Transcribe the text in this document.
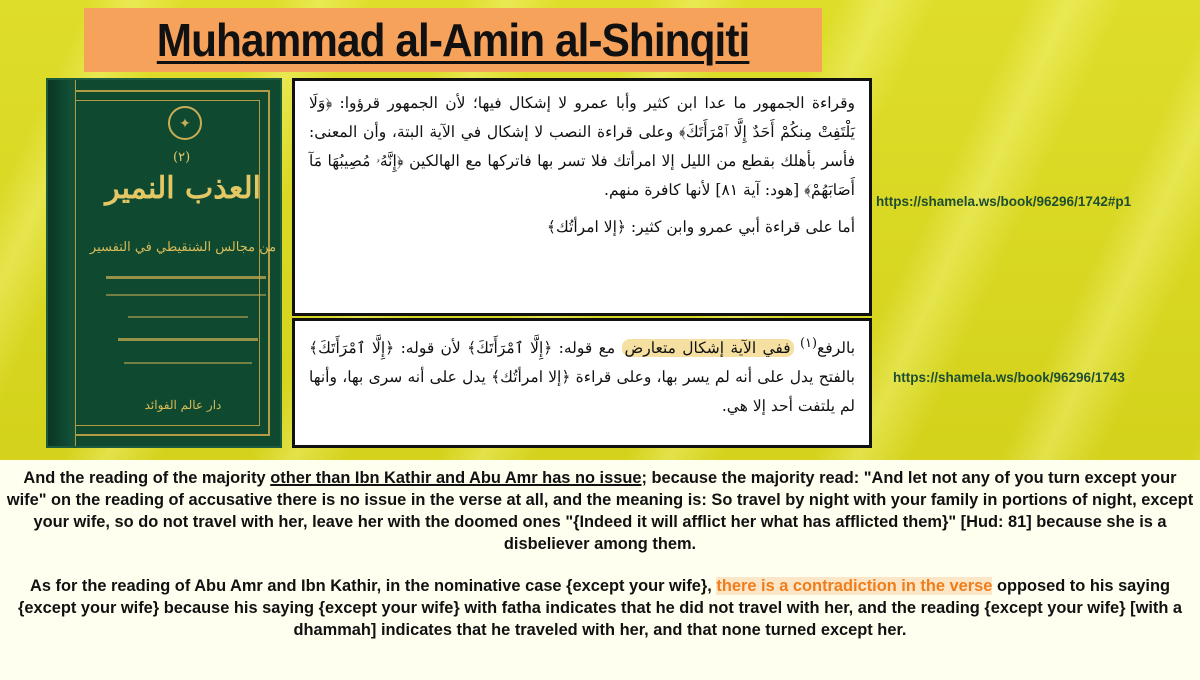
Muhammad al-Amin al-Shinqiti
✦
(٢)
العذب النمير
من مجالس الشنقيطي في التفسير
دار عالم الفوائد

وقراءة الجمهور ما عدا ابن كثير وأبا عمرو لا إشكال فيها؛ لأن الجمهور قرؤوا: ﴿وَلَا يَلْتَفِتْ مِنكُمْ أَحَدٌ إِلَّا ٱمْرَأَتَكَ﴾ وعلى قراءة النصب لا إشكال في الآية البتة، وأن المعنى: فأسر بأهلك بقطع من الليل إلا امرأتك فلا تسر بها فاتركها مع الهالكين ﴿إِنَّهُۥ مُصِيبُهَا مَآ أَصَابَهُمْ﴾ [هود: آية ٨١] لأنها كافرة منهم.

أما على قراءة أبي عمرو وابن كثير: ﴿إلا امرأتُك﴾

بالرفع$^{(١)}$ ففي الآية إشكال متعارض مع قوله: ﴿إِلَّا ٱمْرَأَتَكَ﴾ لأن قوله: ﴿إِلَّا ٱمْرَأَتَكَ﴾ بالفتح يدل على أنه لم يسر بها، وعلى قراءة ﴿إلا امرأتُك﴾ يدل على أنه سرى بها، وأنها لم يلتفت أحد إلا هي.

https://shamela.ws/book/96296/1742#p1
https://shamela.ws/book/96296/1743
And the reading of the majority other than Ibn Kathir and Abu Amr has no issue; because the majority read: "And let not any of you turn except your wife" on the reading of accusative there is no issue in the verse at all, and the meaning is: So travel by night with your family in portions of night, except your wife, so do not travel with her, leave her with the doomed ones "{Indeed it will afflict her what has afflicted them}" [Hud: 81] because she is a disbeliever among them.
As for the reading of Abu Amr and Ibn Kathir, in the nominative case {except your wife}, there is a contradiction in the verse opposed to his saying {except your wife} because his saying {except your wife} with fatha indicates that he did not travel with her, and the reading {except your wife} [with a dhammah] indicates that he traveled with her, and that none turned except her.
